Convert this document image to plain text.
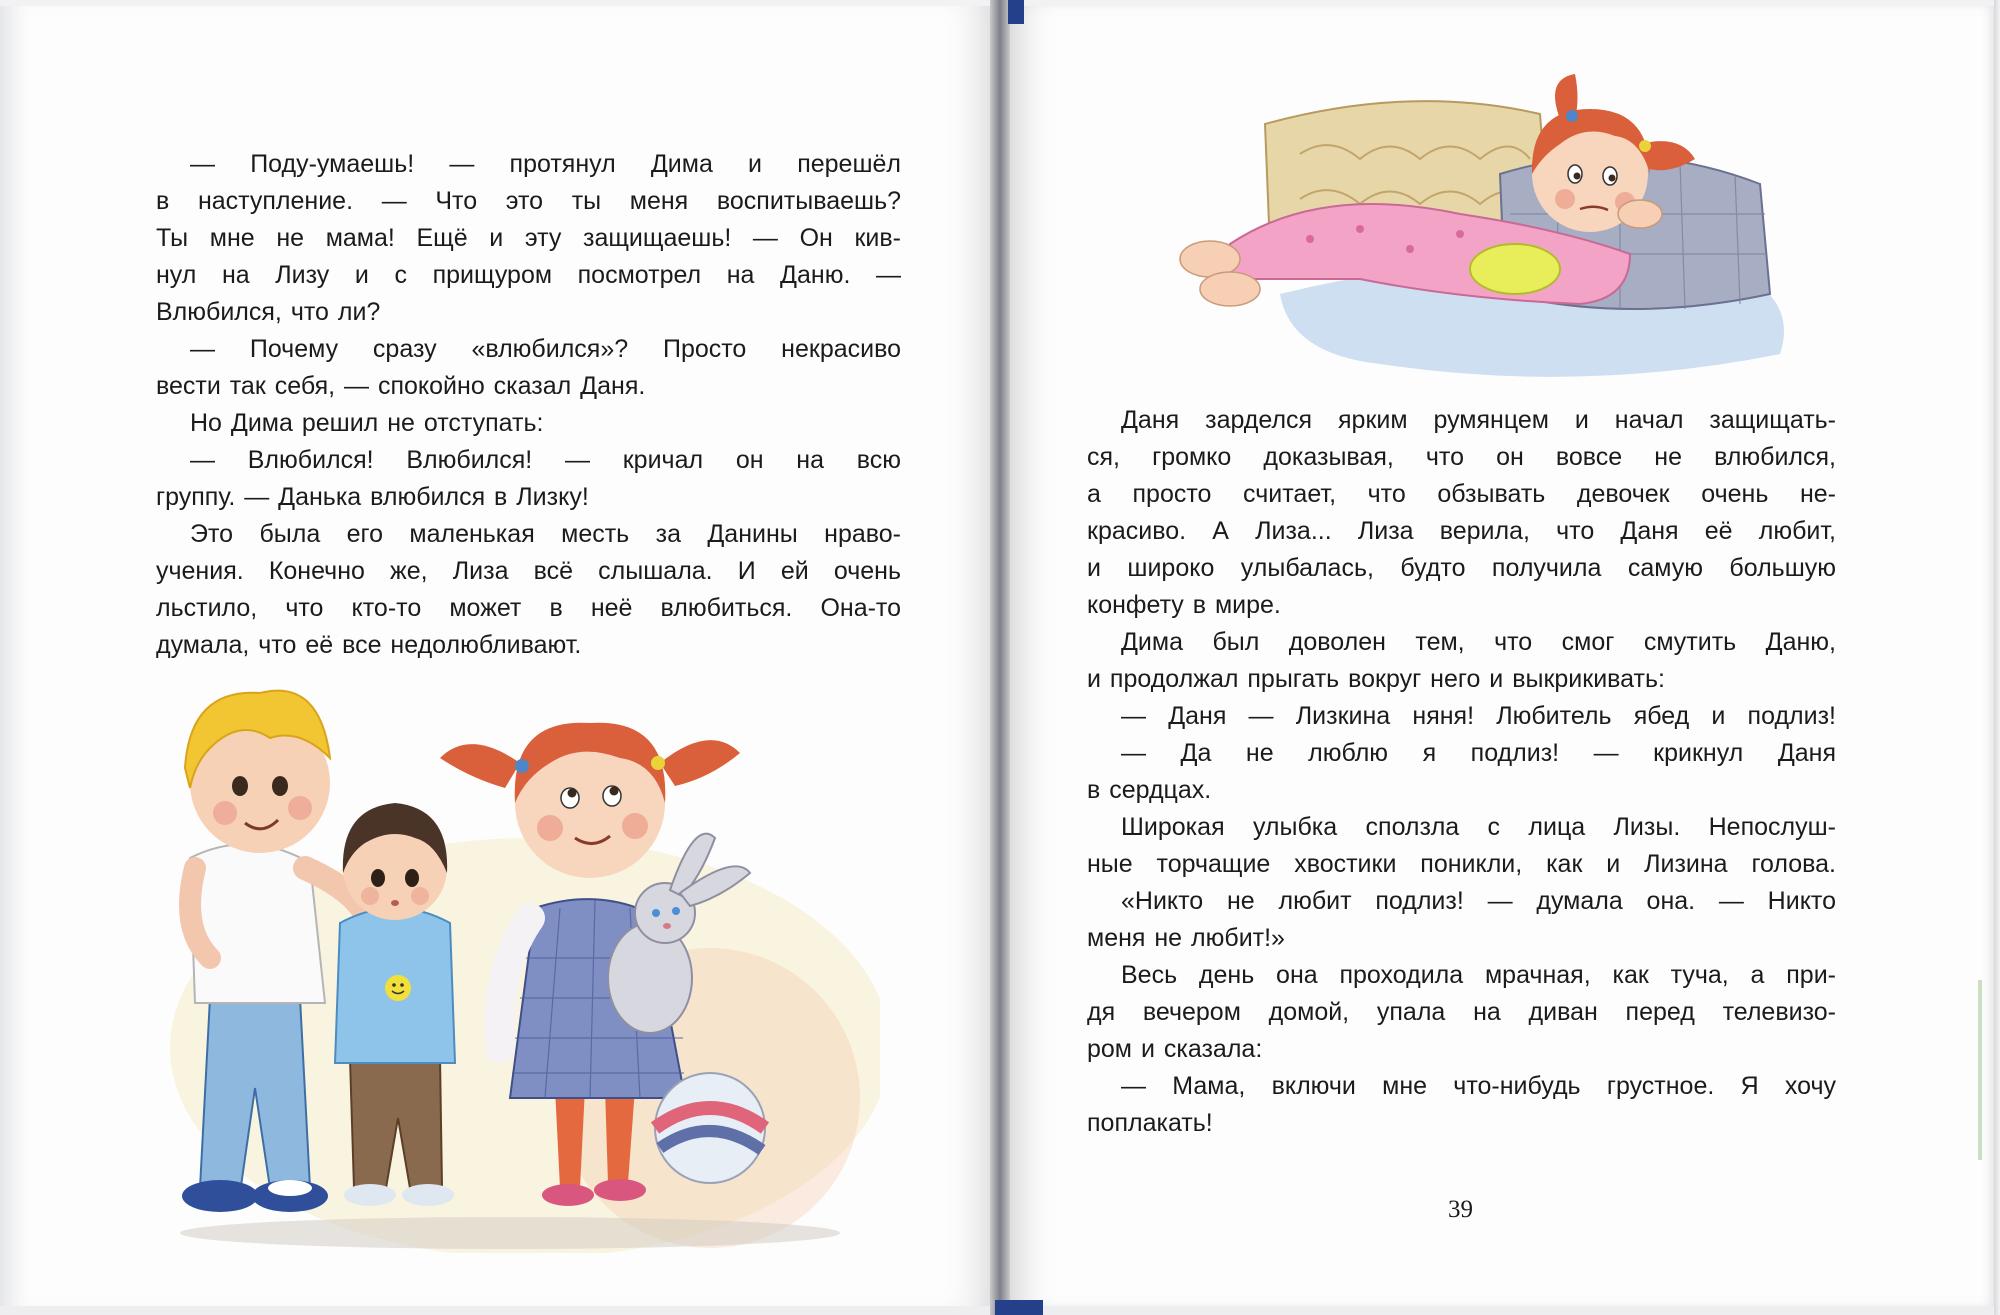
— Поду-умаешь! — протянул Дима и перешёл
в наступление. — Что это ты меня воспитываешь?
Ты мне не мама! Ещё и эту защищаешь! — Он кив-
нул на Лизу и с прищуром посмотрел на Даню. —
Влюбился, что ли?
— Почему сразу «влюбился»? Просто некрасиво
вести так себя, — спокойно сказал Даня.
Но Дима решил не отступать:
— Влюбился! Влюбился! — кричал он на всю
группу. — Данька влюбился в Лизку!
Это была его маленькая месть за Данины нраво-
учения. Конечно же, Лиза всё слышала. И ей очень
льстило, что кто-то может в неё влюбиться. Она-то
думала, что её все недолюбливают.
Даня зарделся ярким румянцем и начал защищать-
ся, громко доказывая, что он вовсе не влюбился,
а просто считает, что обзывать девочек очень не-
красиво. А Лиза... Лиза верила, что Даня её любит,
и широко улыбалась, будто получила самую большую
конфету в мире.
Дима был доволен тем, что смог смутить Даню,
и продолжал прыгать вокруг него и выкрикивать:
— Даня — Лизкина няня! Любитель ябед и подлиз!
— Да не люблю я подлиз! — крикнул Даня
в сердцах.
Широкая улыбка сползла с лица Лизы. Непослуш-
ные торчащие хвостики поникли, как и Лизина голова.
«Никто не любит подлиз! — думала она. — Никто
меня не любит!»
Весь день она проходила мрачная, как туча, а при-
дя вечером домой, упала на диван перед телевизо-
ром и сказала:
— Мама, включи мне что-нибудь грустное. Я хочу
поплакать!
39
